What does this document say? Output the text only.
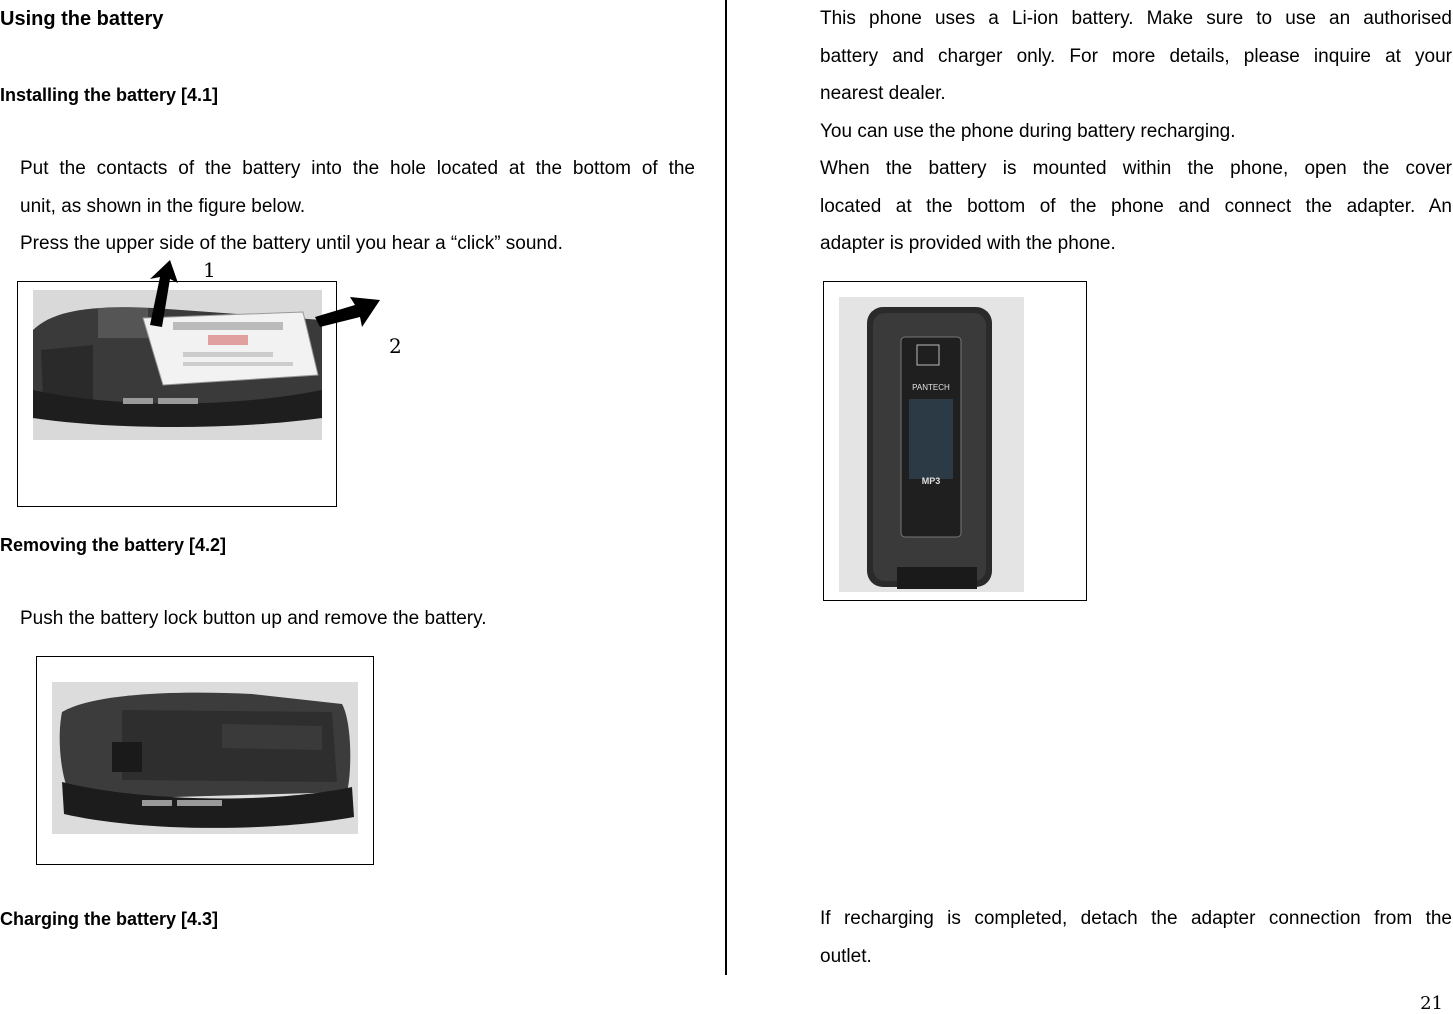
Using the battery
Installing the battery [4.1]
Put the contacts of the battery into the hole located at the bottom of the
unit, as shown in the figure below.
Press the upper side of the battery until you hear a “click” sound.
1
2
Removing the battery [4.2]
Push the battery lock button up and remove the battery.
Charging the battery [4.3]
This phone uses a Li-ion battery. Make sure to use an authorised
battery and charger only. For more details, please inquire at your
nearest dealer.
You can use the phone during battery recharging.
When the battery is mounted within the phone, open the cover
located at the bottom of the phone and connect the adapter. An
adapter is provided with the phone.
PANTECH
MP3
If recharging is completed, detach the adapter connection from the
outlet.
21
